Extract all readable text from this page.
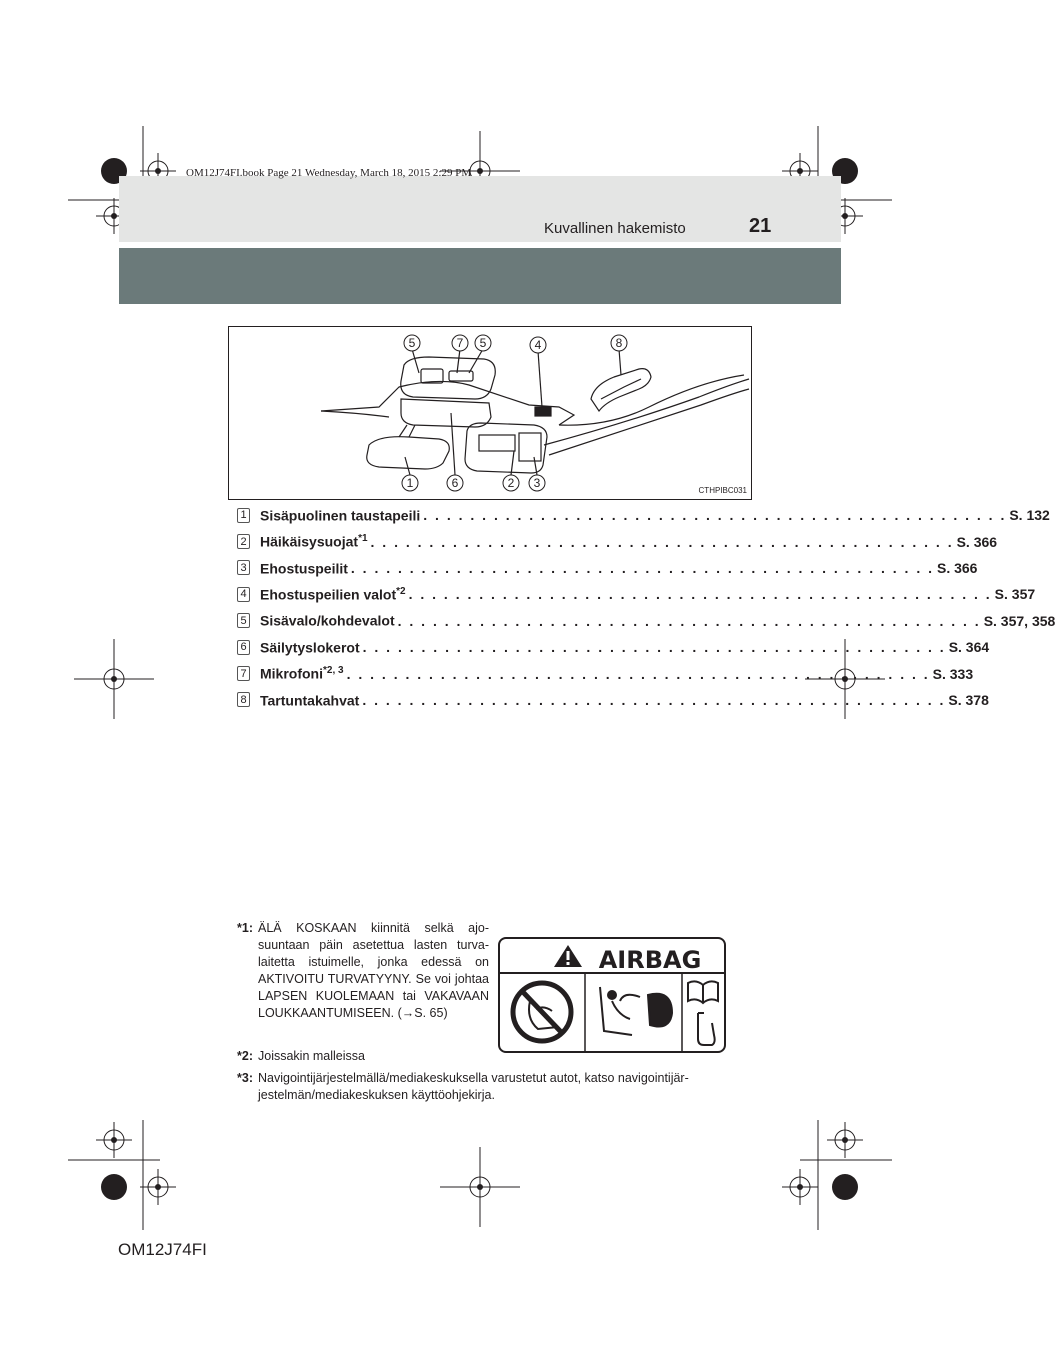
OM12J74FI.book Page 21 Wednesday, March 18, 2015 2:29 PM
Kuvallinen hakemisto	21
5	7 5	4	8
1	6	2 3
CTHPIBC031
1 Sisäpuolinen taustapeili . . . . . . . . . . . . . . . . . . . . . . . . . . . . . . . . . . . . . . . . . . . . . . . . . . S. 132
2 Häikäisysuojat$^{*1}$ . . . . . . . . . . . . . . . . . . . . . . . . . . . . . . . . . . . . . . . . . . . . . . . . . . S. 366
3 Ehostuspeilit . . . . . . . . . . . . . . . . . . . . . . . . . . . . . . . . . . . . . . . . . . . . . . . . . . S. 366
4 Ehostuspeilien valot$^{*2}$ . . . . . . . . . . . . . . . . . . . . . . . . . . . . . . . . . . . . . . . . . . . . . . . . . . S. 357
5 Sisävalo/kohdevalot . . . . . . . . . . . . . . . . . . . . . . . . . . . . . . . . . . . . . . . . . . . . . . . . . . S. 357, 358
6 Säilytyslokerot . . . . . . . . . . . . . . . . . . . . . . . . . . . . . . . . . . . . . . . . . . . . . . . . . . S. 364
7 Mikrofoni$^{*2, 3}$ . . . . . . . . . . . . . . . . . . . . . . . . . . . . . . . . . . . . . . . . . . . . . . . . . . S. 333
8 Tartuntakahvat . . . . . . . . . . . . . . . . . . . . . . . . . . . . . . . . . . . . . . . . . . . . . . . . . . S. 378
*1: ÄLÄ KOSKAAN kiinnitä selkä ajosuuntaan päin asetettua lasten turvalaitetta istuimelle, jonka edessä on AKTIVOITU TURVATYYNY. Se voi johtaa LAPSEN KUOLEMAAN tai VAKAVAAN LOUKKAANTUMISEEN. (→S. 65)
AIRBAG
*2: Joissakin malleissa
*3: Navigointijärjestelmällä/mediakeskuksella varustetut autot, katso navigointijärjestelmän/mediakeskuksen käyttöohjekirja.
OM12J74FI
